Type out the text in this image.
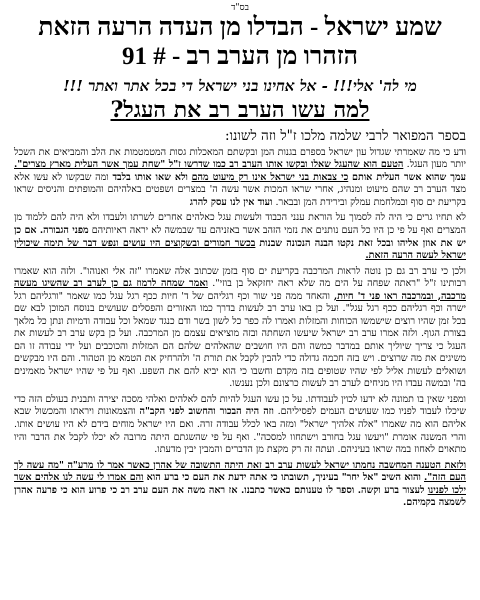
בס"ד
שמע ישראל - הבדלו מן העדה הרעה הזאת
הזהרו מן הערב רב - # 91
מי לה' אלי!!! - אל אחינו בני ישראל די בכל אתר ואתר !!!
למה עשו הערב רב את העגל?
בספר המפואר לרבי שלמה מלכו ז"ל וזה לשונו:

ודע כי מה שאמרתי שגדול עון ישראל בספרם בגנות המן ובקשתם המאכלות גסות המטמטמות את הלב והמביאים את השכל יותר מעון העגל. הטעם הוא שהעגל שאלו ובקשו אותו הערב רב כמו שדרשו ז"ל "שחת עמך אשר העלית מארץ מצרים". עמך שהוא אשר העלית אותם כי צבאות בני ישראל אינו רק מיעוט מהם ולא שאו אותו בלבד ומה שבקשו לא עשו אלא מצד הערב רב שהם מיעוט ומנהיג, אחרי שראו המכות אשר עשה ה' במצרים ושפטים באלהיהם והמופתים והניסים שראו בקריעת ים סוף ובמלחמת עמלק ובירידת המן ובבאר. ועוד אין לנו עסק להרג

לא תחיו גרים כי היה לה לסמוך על הוראת ענני הכבוד ולעשות עגל כאלהים אחרים לשרתו ולעבדו ולא היה להם ללמוד מן המצרים ואף על פי כן היו כל העם נותנים את נזמי הזהב אשר באזניהם עד שבמשה לא יראה ראיותיהם מפני הגבורה. אם כן יש את אוזן אליהו ובכל זאת נקטו הבנה הנכונה שבנות בכשר חמורים ובשקוצים היו עושים ונפש דבר של תימה שיכולין ישראל לעשה הרעה הזאת.

ולכן כי ערב רב גם כן נוטה לראות המרכבה בקריעת ים סוף בזמן שכתוב אלה שאמרו "זה אלי ואנוהו". ולזה הוא שאמרו רבותינו ז"ל "ראתה שפחה על הים מה שלא ראה יחזקאל בן בוזי". ואמר שמחה לרמוז גם כן לערב רב שהשיגו מעשה מרכבה, ובמרכבה ראו פני ד' חיות, והאחד ממה פני שור וכף רגליהם של ד' חיות ככף רגל עגל כמו שאמר "ורגליהם רגל ישרה וכף רגליהם ככף רגל עגל". ועל כן באו ערב רב לעשות בדרך כמו האזורים והפסלים שעושים בנוסח המוכן לבא שם בכל זמן שהיו רוצים שישמשו הכוחות והמזלות ואמרו לה כפר כל לשון בשר ודם כנגד שמאל וכל עבודה ודמיות ונתן כל מלאך בצורת הגוף. ולזה אמרו ערב רב ישראל שיעשו השחתה ובזה מוציאים עצמם מן המרכבה. ועל כן בקש ערב רב לעשות את העגל כי צריך שיוליך אותם במדבר כמשה והם היו חושבים שהאלהים שלהם הם המזלות והכוכבים ועל ידי עבודה זו הם משיגים את מה שרוצים. ויש בזה חכמה גדולה כדי להבין לקבל את תורת ה' ולהרחיק את הטמא מן הטהור. והם היו מבקשים ושואלים לעשות אליל לפי שהיו שטופים בזה מקדם וחשבו כי הוא יביא להם את השפע. ואף על פי שהיו ישראל מאמינים בה' ובמשה עבדו היו מניחים לערב רב לעשות כרצונם ולכן נענשו.

ומפני שאין בו תמונה לא ידעו לכוין לעבודתו. על כן עשו העגל להיות להם לאלהים ואלהי מסכה יצירה ותבנית בעולם הזה כדי שיכלו לעבוד לפניו כמו שעושים העמים לפסיליהם. וזה היה הבכור והחשוב לפני הקב"ה והצמאונות ויראתו והמכשול שבא אליהם הוא מה שאמרו "אלה אלהיך ישראל" ומזה באו לכלל עבודה זרה. ואם היו ישראל מוחים בידם לא היו עושים אותו. והרי המשנה אומרת "ויעשו עגל בחורב וישתחוו למסכה". ואף על פי שהשגתם היתה מרובה לא יכלו לקבל את הדבר והיו מתאוים לאחוז במה שראו בעיניהם. ועתה זה רק מקצת מן הדברים והמבין יבין מדעתו.

ולזאת הטענה המחשבה נחמתו ישראל לעשות ערב רב זאת היתה התשובה של אהרן כאשר אמר לו מרע"ה "מה עשה לך העם הזה". והוא השיב "אל יחר" בעיניך, תשובתו כי אתה ידעת את העם כי ברע הוא והם אמרו לי עשה לנו אלהים אשר ילכו לפנינו לעצור ברע וקשה. וספר לו טענותם כאשר כתבנו. אז ראה משה את העם ערב רב כי פרוע הוא כי פרעה אהרן לשמצה בקמיהם.
